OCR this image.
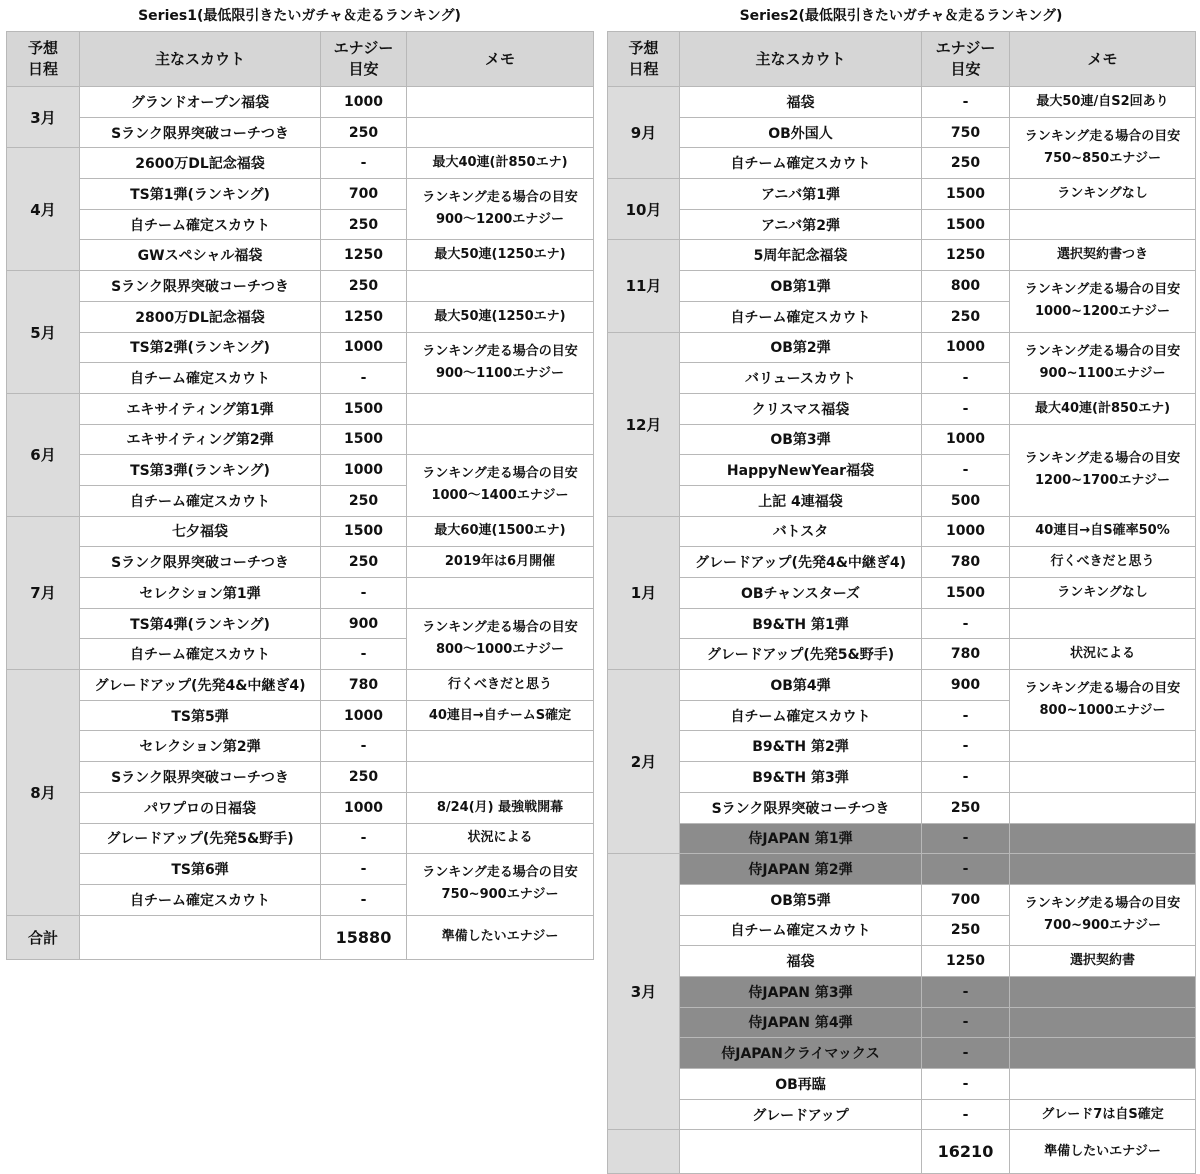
Series1(最低限引きたいガチャ＆走るランキング)
予想
日程	主なスカウト	エナジー
目安	メモ
3月	グランドオープン福袋	1000	
	Sランク限界突破コーチつき	250	
4月	2600万DL記念福袋	-	最大40連(計850エナ)
	TS第1弾(ランキング)	700	ランキング走る場合の目安
900〜1200エナジー
	自チーム確定スカウト	250	
	GWスペシャル福袋	1250	最大50連(1250エナ)
5月	Sランク限界突破コーチつき	250	
	2800万DL記念福袋	1250	最大50連(1250エナ)
	TS第2弾(ランキング)	1000	ランキング走る場合の目安
900〜1100エナジー
	自チーム確定スカウト	-	
6月	エキサイティング第1弾	1500	
	エキサイティング第2弾	1500	
	TS第3弾(ランキング)	1000	ランキング走る場合の目安
1000〜1400エナジー
	自チーム確定スカウト	250	
7月	七夕福袋	1500	最大60連(1500エナ)
	Sランク限界突破コーチつき	250	2019年は6月開催
	セレクション第1弾	-	
	TS第4弾(ランキング)	900	ランキング走る場合の目安
800〜1000エナジー
	自チーム確定スカウト	-	
8月	グレードアップ(先発4&中継ぎ4)	780	行くべきだと思う
	TS第5弾	1000	40連目→自チームS確定
	セレクション第2弾	-	
	Sランク限界突破コーチつき	250	
	パワプロの日福袋	1000	8/24(月) 最強戦開幕
	グレードアップ(先発5&野手)	-	状況による
	TS第6弾	-	ランキング走る場合の目安
750~900エナジー
	自チーム確定スカウト	-	
合計		15880	準備したいエナジー
Series2(最低限引きたいガチャ＆走るランキング)
予想
日程	主なスカウト	エナジー
目安	メモ
9月	福袋	-	最大50連/自S2回あり
	OB外国人	750	ランキング走る場合の目安
750~850エナジー
	自チーム確定スカウト	250	
10月	アニバ第1弾	1500	ランキングなし
	アニバ第2弾	1500	
11月	5周年記念福袋	1250	選択契約書つき
	OB第1弾	800	ランキング走る場合の目安
1000~1200エナジー
	自チーム確定スカウト	250	
12月	OB第2弾	1000	ランキング走る場合の目安
900~1100エナジー
	バリュースカウト	-	
	クリスマス福袋	-	最大40連(計850エナ)
	OB第3弾	1000	ランキング走る場合の目安
1200~1700エナジー
	HappyNewYear福袋	-	
	上記 4連福袋	500	
1月	バトスタ	1000	40連目→自S確率50%
	グレードアップ(先発4&中継ぎ4)	780	行くべきだと思う
	OBチャンスターズ	1500	ランキングなし
	B9&TH 第1弾	-	
	グレードアップ(先発5&野手)	780	状況による
2月	OB第4弾	900	ランキング走る場合の目安
800~1000エナジー
	自チーム確定スカウト	-	
	B9&TH 第2弾	-	
	B9&TH 第3弾	-	
	Sランク限界突破コーチつき	250	
	侍JAPAN 第1弾	-	
3月	侍JAPAN 第2弾	-	
	OB第5弾	700	ランキング走る場合の目安
700~900エナジー
	自チーム確定スカウト	250	
	福袋	1250	選択契約書
	侍JAPAN 第3弾	-	
	侍JAPAN 第4弾	-	
	侍JAPANクライマックス	-	
	OB再臨	-	
	グレードアップ	-	グレード7は自S確定
		16210	準備したいエナジー
